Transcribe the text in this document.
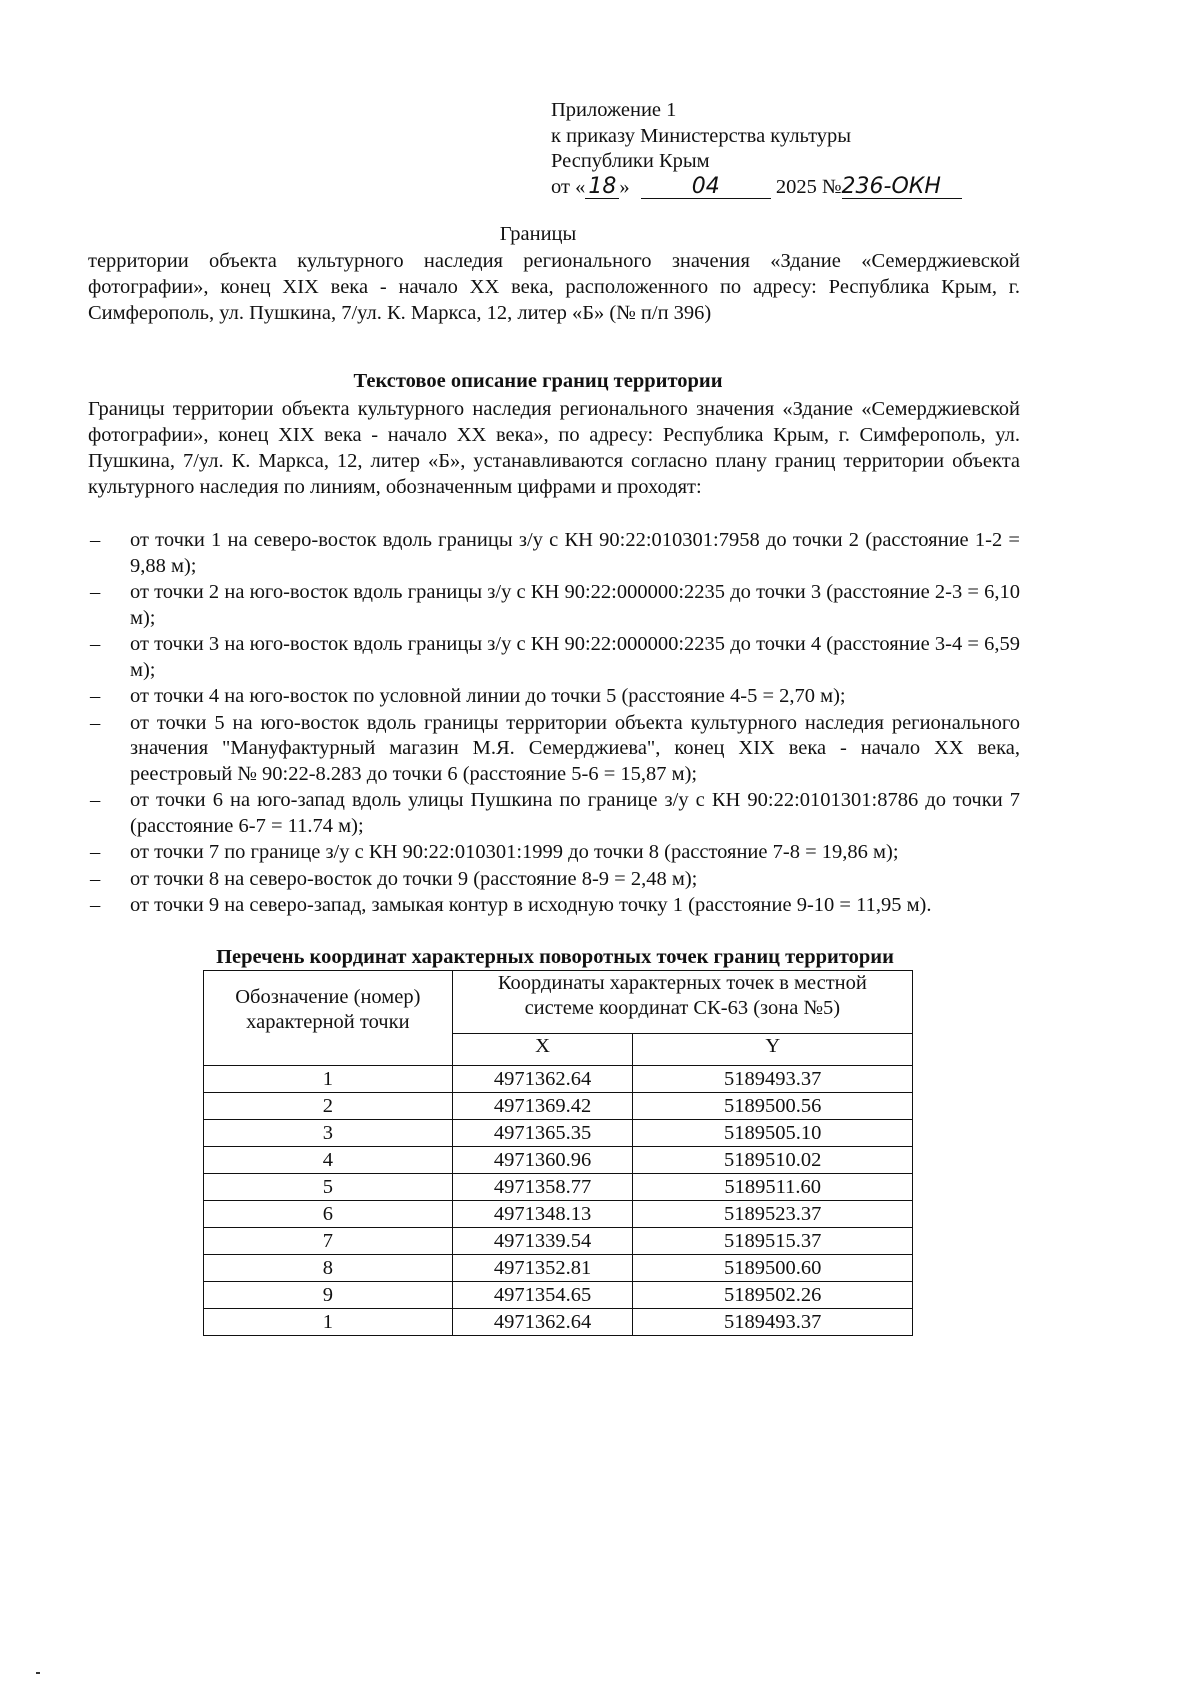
Приложение 1
к приказу Министерства культуры
Республики Крым
от « 18 »	04	2025 №236-ОКН
Границы
территории объекта культурного наследия регионального значения «Здание «Семерджиевской фотографии», конец XIX века - начало XX века, расположенного по адресу: Республика Крым, г. Симферополь, ул. Пушкина, 7/ул. К. Маркса, 12, литер «Б» (№ п/п 396)
Текстовое описание границ территории
Границы территории объекта культурного наследия регионального значения «Здание «Семерджиевской фотографии», конец XIX века - начало XX века», по адресу: Республика Крым, г. Симферополь, ул. Пушкина, 7/ул. К. Маркса, 12, литер «Б», устанавливаются согласно плану границ территории объекта культурного наследия по линиям, обозначенным цифрами и проходят:
– от точки 1 на северо-восток вдоль границы з/у с КН 90:22:010301:7958 до точки 2 (расстояние 1-2 = 9,88 м);
– от точки 2 на юго-восток вдоль границы з/у с КН 90:22:000000:2235 до точки 3 (расстояние 2-3 = 6,10 м);
– от точки 3 на юго-восток вдоль границы з/у с КН 90:22:000000:2235 до точки 4 (расстояние 3-4 = 6,59 м);
– от точки 4 на юго-восток по условной линии до точки 5 (расстояние 4-5 = 2,70 м);
– от точки 5 на юго-восток вдоль границы территории объекта культурного наследия регионального значения "Мануфактурный магазин М.Я. Семерджиева", конец XIX века - начало XX века, реестровый № 90:22-8.283 до точки 6 (расстояние 5-6 = 15,87 м);
– от точки 6 на юго-запад вдоль улицы Пушкина по границе з/у с КН 90:22:0101301:8786 до точки 7 (расстояние 6-7 = 11.74 м);
– от точки 7 по границе з/у с КН 90:22:010301:1999 до точки 8 (расстояние 7-8 = 19,86 м);
– от точки 8 на северо-восток до точки 9 (расстояние 8-9 = 2,48 м);
– от точки 9 на северо-запад, замыкая контур в исходную точку 1 (расстояние 9-10 = 11,95 м).
Перечень координат характерных поворотных точек границ территории
Обозначение (номер) характерной точки	Координаты характерных точек в местной системе координат СК-63 (зона №5)	
	X	Y
1	4971362.64	5189493.37
2	4971369.42	5189500.56
3	4971365.35	5189505.10
4	4971360.96	5189510.02
5	4971358.77	5189511.60
6	4971348.13	5189523.37
7	4971339.54	5189515.37
8	4971352.81	5189500.60
9	4971354.65	5189502.26
1	4971362.64	5189493.37
